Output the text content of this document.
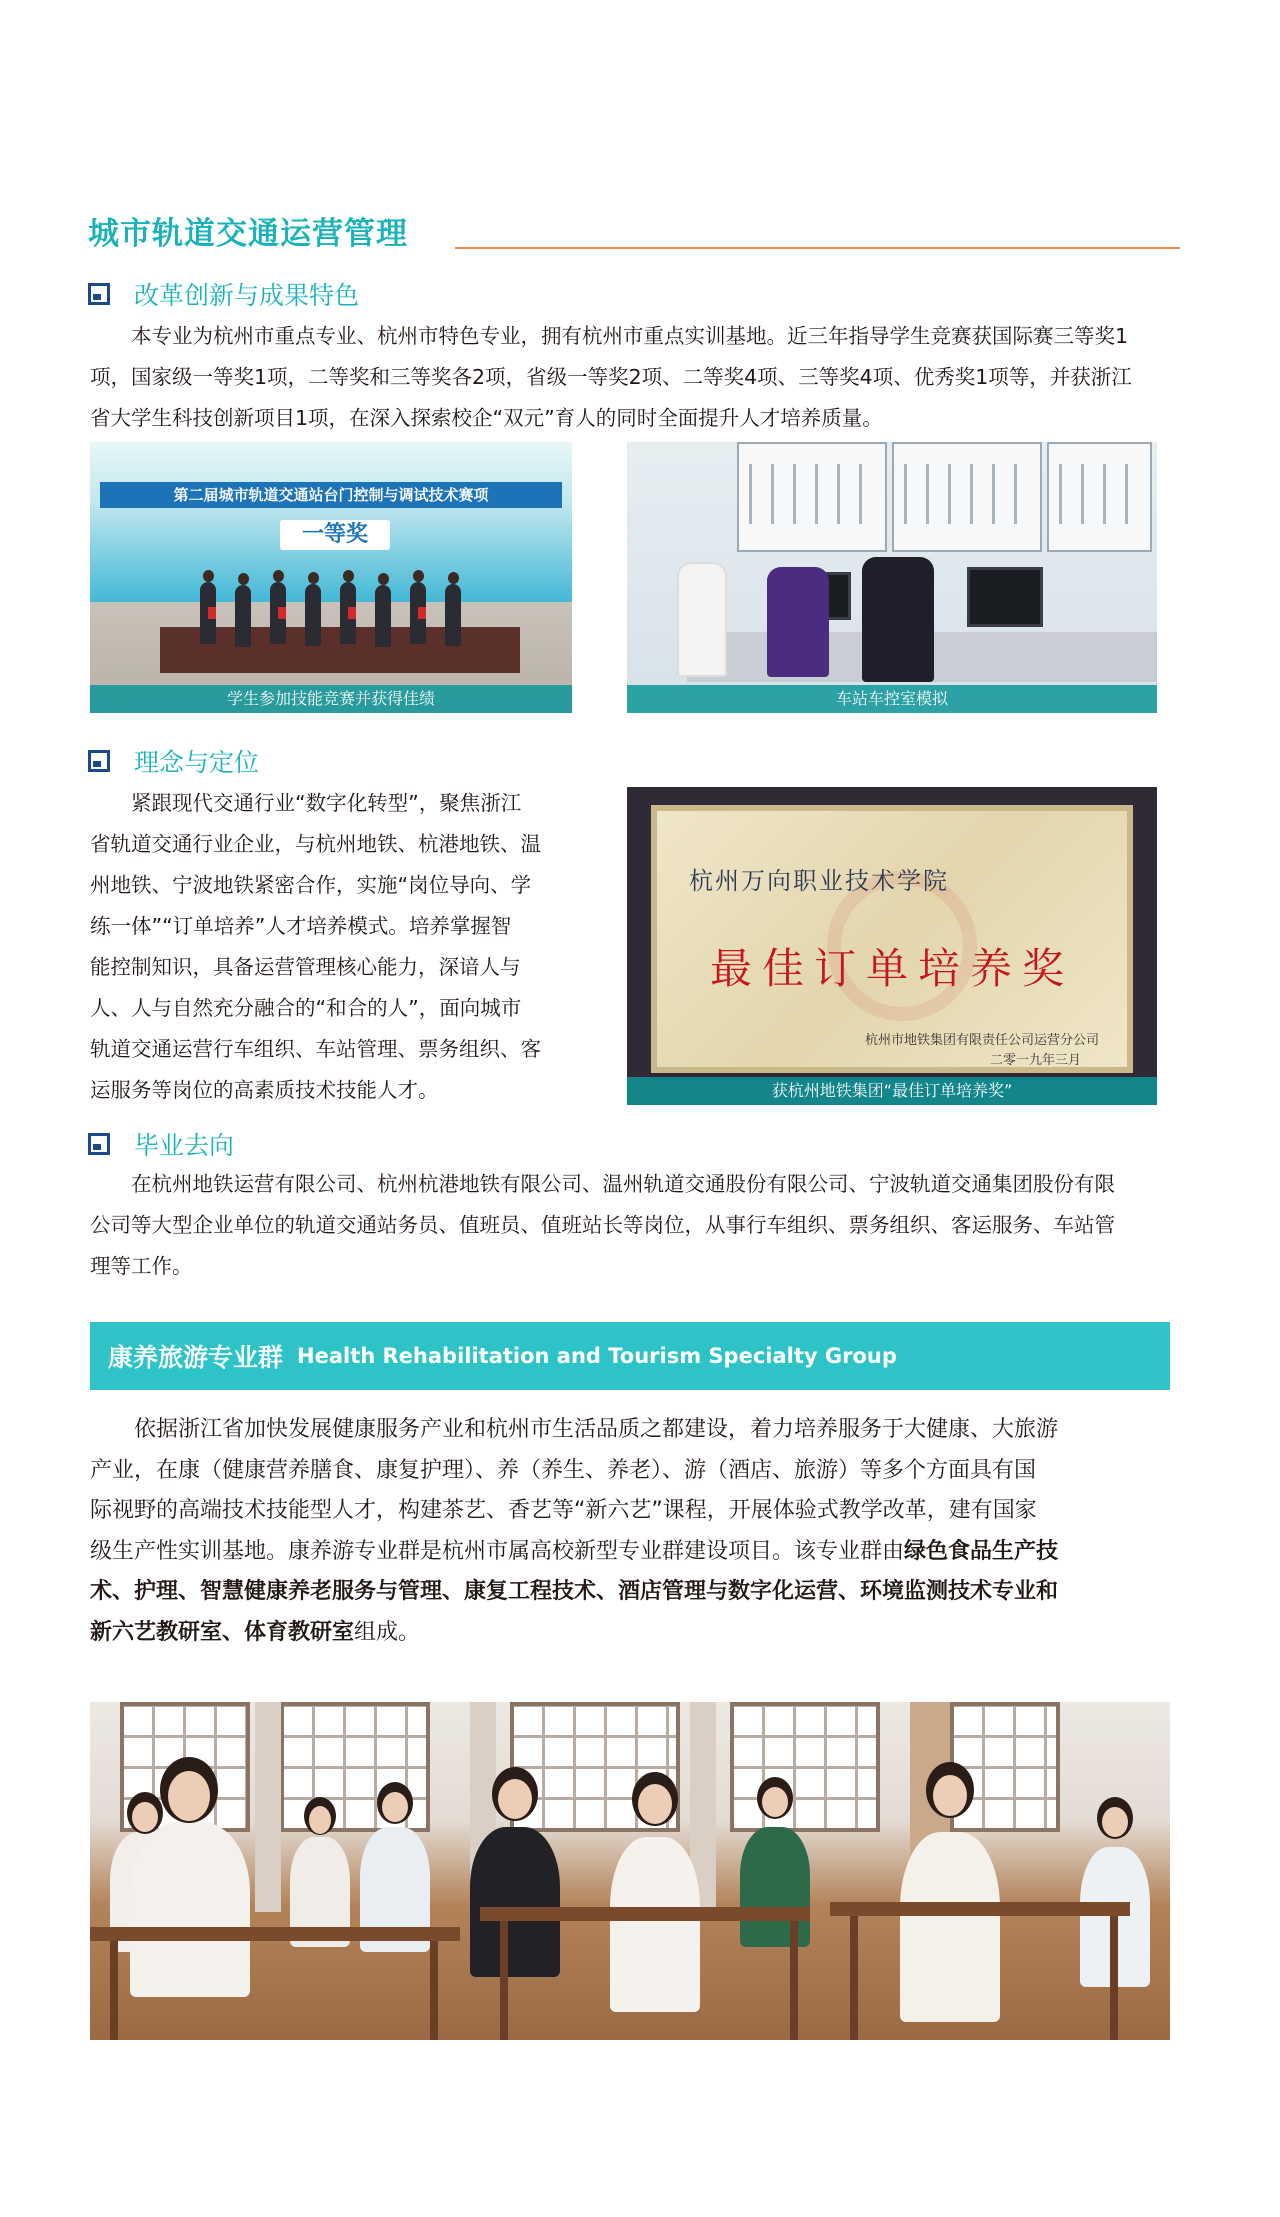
城市轨道交通运营管理
改革创新与成果特色
本专业为杭州市重点专业、杭州市特色专业，拥有杭州市重点实训基地。近三年指导学生竞赛获国际赛三等奖1
项，国家级一等奖1项，二等奖和三等奖各2项，省级一等奖2项、二等奖4项、三等奖4项、优秀奖1项等，并获浙江
省大学生科技创新项目1项，在深入探索校企“双元”育人的同时全面提升人才培养质量。
第二届城市轨道交通站台门控制与调试技术赛项
一等奖
学生参加技能竞赛并获得佳绩	车站车控室模拟
理念与定位
紧跟现代交通行业“数字化转型”，聚焦浙江
省轨道交通行业企业，与杭州地铁、杭港地铁、温
州地铁、宁波地铁紧密合作，实施“岗位导向、学
练一体”“订单培养”人才培养模式。培养掌握智
能控制知识，具备运营管理核心能力，深谙人与
人、人与自然充分融合的“和合的人”，面向城市
轨道交通运营行车组织、车站管理、票务组织、客
运服务等岗位的高素质技术技能人才。
杭州万向职业技术学院
最佳订单培养奖
杭州市地铁集团有限责任公司运营分公司
二零一九年三月
获杭州地铁集团“最佳订单培养奖”
毕业去向
在杭州地铁运营有限公司、杭州杭港地铁有限公司、温州轨道交通股份有限公司、宁波轨道交通集团股份有限
公司等大型企业单位的轨道交通站务员、值班员、值班站长等岗位，从事行车组织、票务组织、客运服务、车站管
理等工作。
康养旅游专业群 Health Rehabilitation and Tourism Specialty Group
依据浙江省加快发展健康服务产业和杭州市生活品质之都建设，着力培养服务于大健康、大旅游
产业，在康（健康营养膳食、康复护理）、养（养生、养老）、游（酒店、旅游）等多个方面具有国
际视野的高端技术技能型人才，构建茶艺、香艺等“新六艺”课程，开展体验式教学改革，建有国家
级生产性实训基地。康养游专业群是杭州市属高校新型专业群建设项目。该专业群由绿色食品生产技
术、护理、智慧健康养老服务与管理、康复工程技术、酒店管理与数字化运营、环境监测技术专业和
新六艺教研室、体育教研室组成。
